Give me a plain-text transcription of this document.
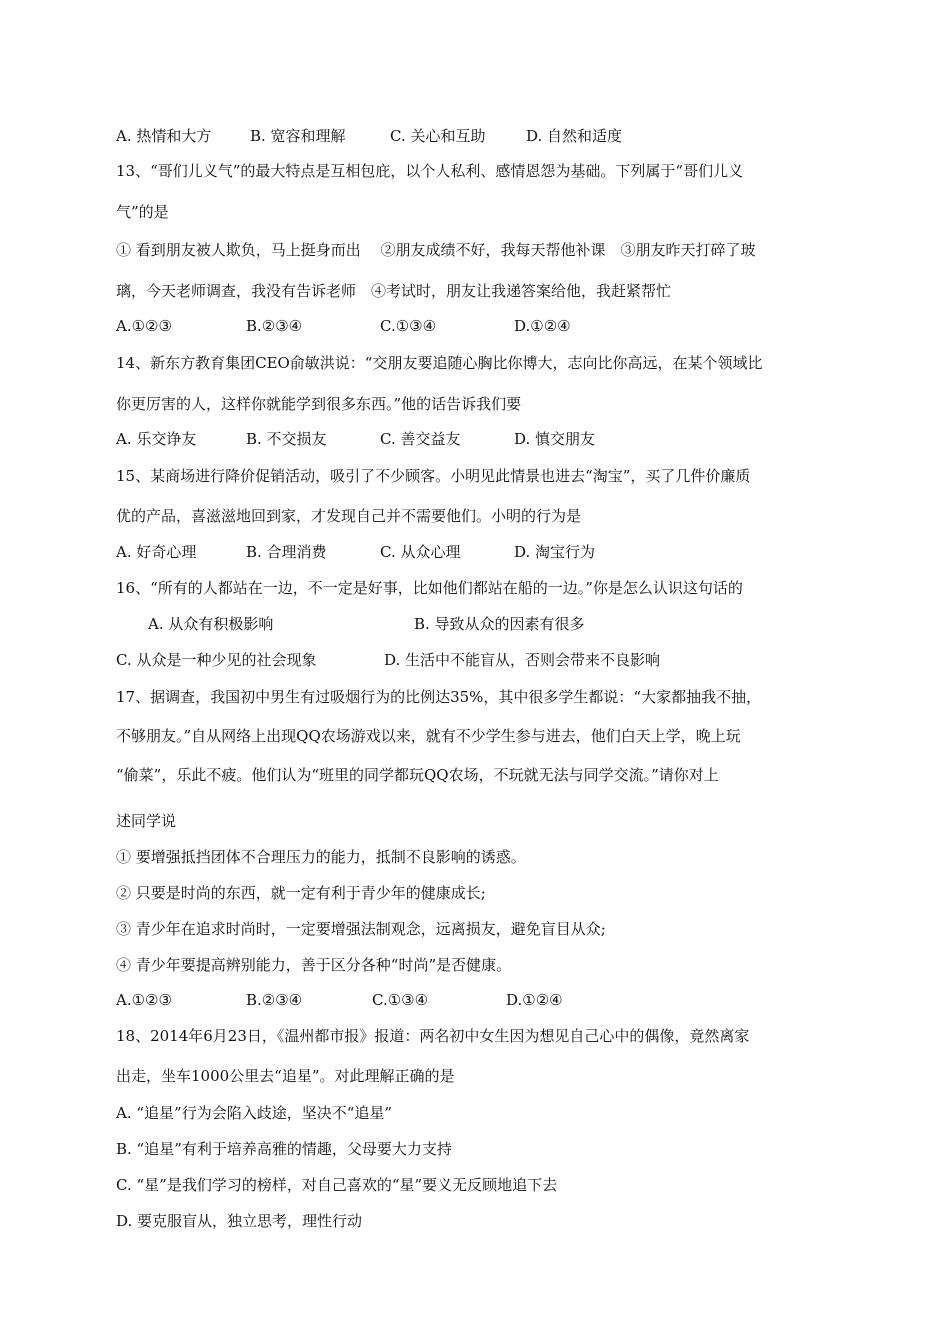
A. 热情和大方	B. 宽容和理解	C. 关心和互助	D. 自然和适度
13、“哥们儿义气”的最大特点是互相包庇，以个人私利、感情恩怨为基础。下列属于“哥们儿义
气”的是
① 看到朋友被人欺负，马上挺身而出　 ②朋友成绩不好，我每天帮他补课　③朋友昨天打碎了玻
璃，今天老师调查，我没有告诉老师　④考试时，朋友让我递答案给他，我赶紧帮忙
A.①②③	B.②③④	C.①③④	D.①②④
14、新东方教育集团CEO俞敏洪说：“交朋友要追随心胸比你博大，志向比你高远，在某个领域比
你更厉害的人，这样你就能学到很多东西。”他的话告诉我们要
A. 乐交诤友	B. 不交损友	C. 善交益友	D. 慎交朋友
15、某商场进行降价促销活动，吸引了不少顾客。小明见此情景也进去“淘宝”，买了几件价廉质
优的产品，喜滋滋地回到家，才发现自己并不需要他们。小明的行为是
A. 好奇心理	B. 合理消费	C. 从众心理	D. 淘宝行为
16、“所有的人都站在一边，不一定是好事，比如他们都站在船的一边。”你是怎么认识这句话的
A. 从众有积极影响	B. 导致从众的因素有很多
C. 从众是一种少见的社会现象	D. 生活中不能盲从，否则会带来不良影响
17、据调查，我国初中男生有过吸烟行为的比例达35%，其中很多学生都说：“大家都抽我不抽，
不够朋友。”自从网络上出现QQ农场游戏以来，就有不少学生参与进去，他们白天上学，晚上玩
“偷菜”，乐此不疲。他们认为“班里的同学都玩QQ农场，不玩就无法与同学交流。”请你对上
述同学说
① 要增强抵挡团体不合理压力的能力，抵制不良影响的诱惑。
② 只要是时尚的东西，就一定有利于青少年的健康成长;
③ 青少年在追求时尚时，一定要增强法制观念，远离损友，避免盲目从众;
④ 青少年要提高辨别能力，善于区分各种“时尚”是否健康。
A.①②③	B.②③④	C.①③④	D.①②④
18、2014年6月23日，《温州都市报》报道：两名初中女生因为想见自己心中的偶像，竟然离家
出走，坐车1000公里去“追星”。对此理解正确的是
A. “追星”行为会陷入歧途，坚决不“追星”
B. “追星”有利于培养高雅的情趣，父母要大力支持
C. “星”是我们学习的榜样，对自己喜欢的“星”要义无反顾地追下去
D. 要克服盲从，独立思考，理性行动
